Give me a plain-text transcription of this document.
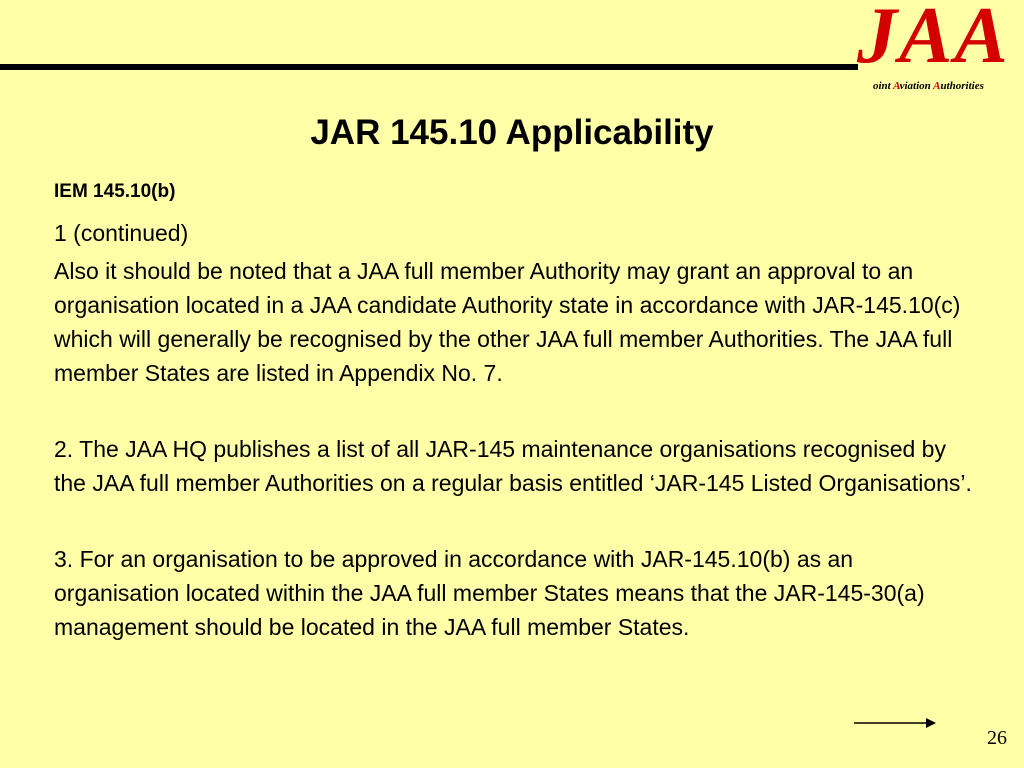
JAA
oint Aviation Authorities
JAR 145.10 Applicability
IEM 145.10(b)

1 (continued)

Also it should be noted that a JAA full member Authority may grant an approval to an organisation located in a JAA candidate Authority state in accordance with JAR-145.10(c) which will generally be recognised by the other JAA full member Authorities. The JAA full member States are listed in Appendix No. 7.

2. The JAA HQ publishes a list of all JAR-145 maintenance organisations recognised by the JAA full member Authorities on a regular basis entitled ‘JAR-145 Listed Organisations’.

3. For an organisation to be approved in accordance with JAR-145.10(b) as an organisation located within the JAA full member States means that the JAR-145-30(a) management should be located in the JAA full member States.

26
